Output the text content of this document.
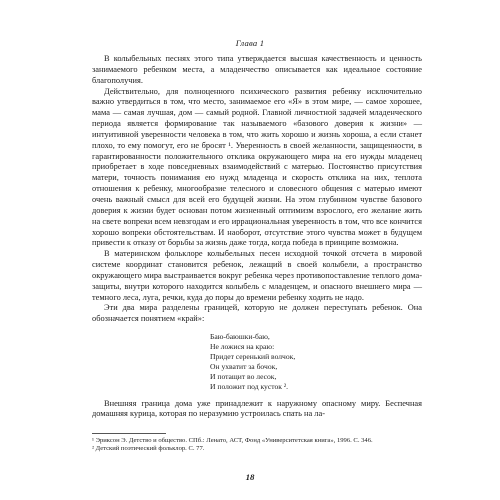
Глава 1

В колыбельных песнях этого типа утверждается высшая качественность и ценность занимаемого ребенком места, а младенчество описывается как идеальное состояние благополучия.

Действительно, для полноценного психического развития ребенку исключительно важно утвердиться в том, что место, занимаемое его «Я» в этом мире, — самое хорошее, мама — самая лучшая, дом — самый родной. Главной личностной задачей младенческого периода является формирование так называемого «базового доверия к жизни» — интуитивной уверенности человека в том, что жить хорошо и жизнь хороша, а если станет плохо, то ему помогут, его не бросят ¹. Уверенность в своей желанности, защищенности, в гарантированности положительного отклика окружающего мира на его нужды младенец приобретает в ходе повседневных взаимодействий с матерью. Постоянство присутствия матери, точность понимания ею нужд младенца и скорость отклика на них, теплота отношения к ребенку, многообразие телесного и словесного общения с матерью имеют очень важный смысл для всей его будущей жизни. На этом глубинном чувстве базового доверия к жизни будет основан потом жизненный оптимизм взрослого, его желание жить на свете вопреки всем невзгодам и его иррациональная уверенность в том, что все кончится хорошо вопреки обстоятельствам. И наоборот, отсутствие этого чувства может в будущем привести к отказу от борьбы за жизнь даже тогда, когда победа в принципе возможна.

В материнском фольклоре колыбельных песен исходной точкой отсчета в мировой системе координат становится ребенок, лежащий в своей колыбели, а пространство окружающего мира выстраивается вокруг ребенка через противопоставление теплого дома-защиты, внутри которого находится колыбель с младенцем, и опасного внешнего мира — темного леса, луга, речки, куда до поры до времени ребенку ходить не надо.

Эти два мира разделены границей, которую не должен переступать ребенок. Она обозначается понятием «край»:

Баю-баюшки-баю,
Не ложися на краю:
Придет серенький волчок,
Он ухватит за бочок,
И потащит во лесок,
И положит под кусток ².

Внешняя граница дома уже принадлежит к наружному опасному миру. Беспечная домашняя курица, которая по неразумию устроилась спать на ла-

¹ Эриксон Э. Детство и общество. СПб.: Ленато, АСТ, Фонд «Университетская книга», 1996. С. 346.
² Детский поэтический фольклор. С. 77.
18
